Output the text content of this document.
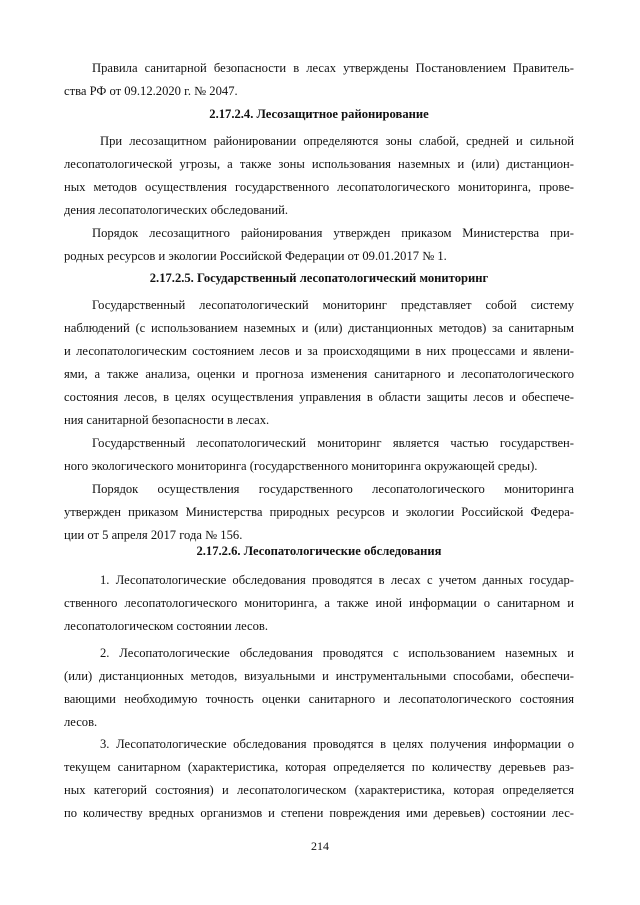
Правила санитарной безопасности в лесах утверждены Постановлением Правитель-
ства РФ от 09.12.2020 г. № 2047.
2.17.2.4. Лесозащитное районирование
При лесозащитном районировании определяются зоны слабой, средней и сильной
лесопатологической угрозы, а также зоны использования наземных и (или) дистанцион-
ных методов осуществления государственного лесопатологического мониторинга, прове-
дения лесопатологических обследований.
Порядок лесозащитного районирования утвержден приказом Министерства при-
родных ресурсов и экологии Российской Федерации от 09.01.2017 № 1.
2.17.2.5. Государственный лесопатологический мониторинг
Государственный лесопатологический мониторинг представляет собой систему
наблюдений (с использованием наземных и (или) дистанционных методов) за санитарным
и лесопатологическим состоянием лесов и за происходящими в них процессами и явлени-
ями, а также анализа, оценки и прогноза изменения санитарного и лесопатологического
состояния лесов, в целях осуществления управления в области защиты лесов и обеспече-
ния санитарной безопасности в лесах.
Государственный лесопатологический мониторинг является частью государствен-
ного экологического мониторинга (государственного мониторинга окружающей среды).
Порядок осуществления государственного лесопатологического мониторинга
утвержден приказом Министерства природных ресурсов и экологии Российской Федера-
ции от 5 апреля 2017 года № 156.
2.17.2.6. Лесопатологические обследования
1. Лесопатологические обследования проводятся в лесах с учетом данных государ-
ственного лесопатологического мониторинга, а также иной информации о санитарном и
лесопатологическом состоянии лесов.
2. Лесопатологические обследования проводятся с использованием наземных и
(или) дистанционных методов, визуальными и инструментальными способами, обеспечи-
вающими необходимую точность оценки санитарного и лесопатологического состояния
лесов.
3. Лесопатологические обследования проводятся в целях получения информации о
текущем санитарном (характеристика, которая определяется по количеству деревьев раз-
ных категорий состояния) и лесопатологическом (характеристика, которая определяется
по количеству вредных организмов и степени повреждения ими деревьев) состоянии лес-
214
